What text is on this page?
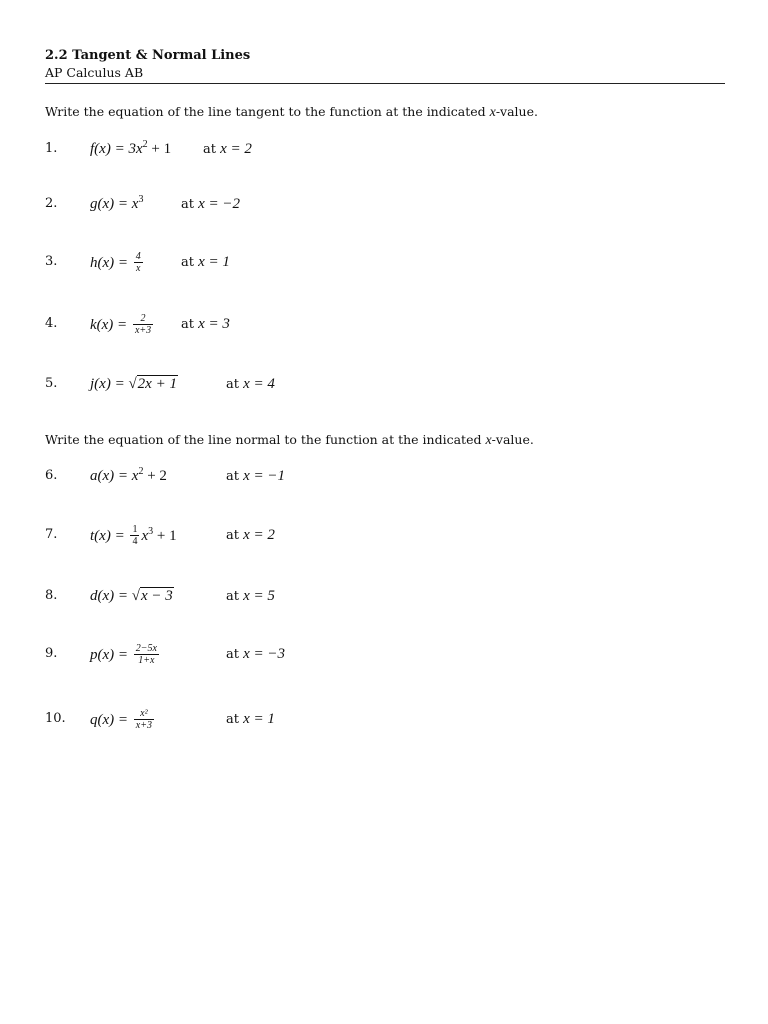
2.2 Tangent & Normal Lines
AP Calculus AB
Write the equation of the line tangent to the function at the indicated x-value.
1. $f(x) = 3x^2 + 1$ at x = 2
2. $g(x) = x^3$	at x = −2
3. $h(x) = \frac{4}{x}$	at x = 1
4. $k(x) = \frac{2}{x+3}$ at x = 3
5. j(x) = √2x + 1	at x = 4
Write the equation of the line normal to the function at the indicated x-value.
6. $a(x) = x^2 + 2$	at x = −1
7. $t(x) = \frac{1}{4} x^3 + 1$	at x = 2
8. d(x) = √x − 3	at x = 5
9. $p(x) = \frac{2-5x}{1+x}$	at x = −3
10. $q(x) = \frac{\text{x²}}{x+3}$	at x = 1
